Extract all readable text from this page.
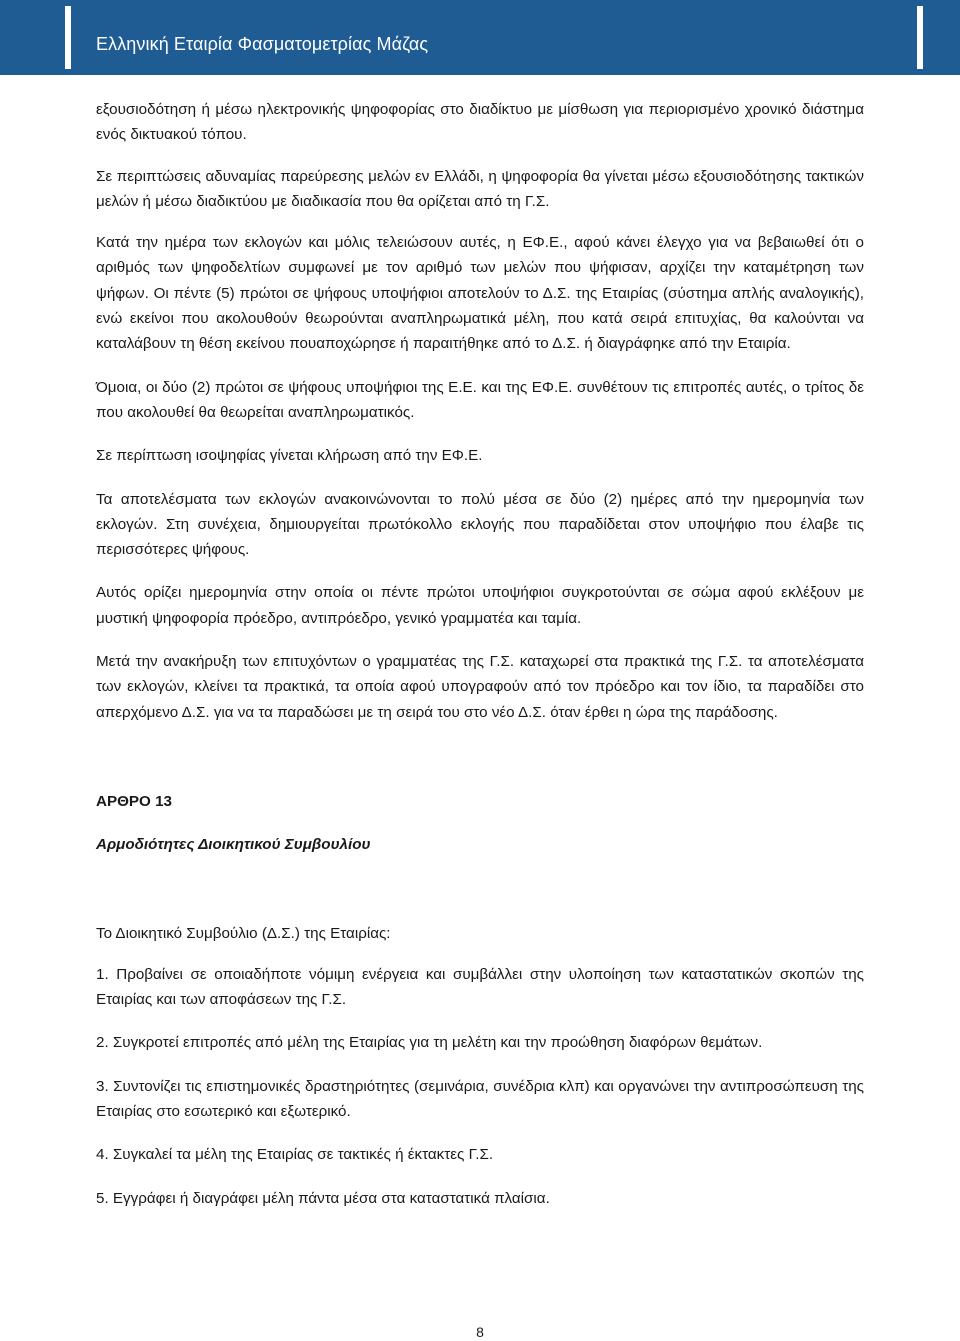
Ελληνική Εταιρία Φασματομετρίας Μάζας

εξουσιοδότηση ή μέσω ηλεκτρονικής ψηφοφορίας στο διαδίκτυο με μίσθωση για περιορισμένο χρονικό διάστημα ενός δικτυακού τόπου.

Σε περιπτώσεις αδυναμίας παρεύρεσης μελών εν Ελλάδι, η ψηφοφορία θα γίνεται μέσω εξουσιοδότησης τακτικών μελών ή μέσω διαδικτύου με διαδικασία που θα ορίζεται από τη Γ.Σ.

Κατά την ημέρα των εκλογών και μόλις τελειώσουν αυτές, η ΕΦ.Ε., αφού κάνει έλεγχο για να βεβαιωθεί ότι ο αριθμός των ψηφοδελτίων συμφωνεί με τον αριθμό των μελών που ψήφισαν, αρχίζει την καταμέτρηση των ψήφων. Οι πέντε (5) πρώτοι σε ψήφους υποψήφιοι αποτελούν το Δ.Σ. της Εταιρίας (σύστημα απλής αναλογικής), ενώ εκείνοι που ακολουθούν θεωρούνται αναπληρωματικά μέλη, που κατά σειρά επιτυχίας, θα καλούνται να καταλάβουν τη θέση εκείνου πουαποχώρησε ή παραιτήθηκε από το Δ.Σ. ή διαγράφηκε από την Εταιρία.

Όμοια, οι δύο (2) πρώτοι σε ψήφους υποψήφιοι της Ε.Ε. και της ΕΦ.Ε. συνθέτουν τις επιτροπές αυτές, ο τρίτος δε που ακολουθεί θα θεωρείται αναπληρωματικός.

Σε περίπτωση ισοψηφίας γίνεται κλήρωση από την ΕΦ.Ε.

Τα αποτελέσματα των εκλογών ανακοινώνονται το πολύ μέσα σε δύο (2) ημέρες από την ημερομηνία των εκλογών. Στη συνέχεια, δημιουργείται πρωτόκολλο εκλογής που παραδίδεται στον υποψήφιο που έλαβε τις περισσότερες ψήφους.

Αυτός ορίζει ημερομηνία στην οποία οι πέντε πρώτοι υποψήφιοι συγκροτούνται σε σώμα αφού εκλέξουν με μυστική ψηφοφορία πρόεδρο, αντιπρόεδρο, γενικό γραμματέα και ταμία.

Μετά την ανακήρυξη των επιτυχόντων ο γραμματέας της Γ.Σ. καταχωρεί στα πρακτικά της Γ.Σ. τα αποτελέσματα των εκλογών, κλείνει τα πρακτικά, τα οποία αφού υπογραφούν από τον πρόεδρο και τον ίδιο, τα παραδίδει στο απερχόμενο Δ.Σ. για να τα παραδώσει με τη σειρά του στο νέο Δ.Σ. όταν έρθει η ώρα της παράδοσης.

ΑΡΘΡΟ 13

Αρμοδιότητες Διοικητικού Συμβουλίου

Το Διοικητικό Συμβούλιο (Δ.Σ.) της Εταιρίας:

1. Προβαίνει σε οποιαδήποτε νόμιμη ενέργεια και συμβάλλει στην υλοποίηση των καταστατικών σκοπών της Εταιρίας και των αποφάσεων της Γ.Σ.

2. Συγκροτεί επιτροπές από μέλη της Εταιρίας για τη μελέτη και την προώθηση διαφόρων θεμάτων.

3. Συντονίζει τις επιστημονικές δραστηριότητες (σεμινάρια, συνέδρια κλπ) και οργανώνει την αντιπροσώπευση της Εταιρίας στο εσωτερικό και εξωτερικό.

4. Συγκαλεί τα μέλη της Εταιρίας σε τακτικές ή έκτακτες Γ.Σ.

5. Εγγράφει ή διαγράφει μέλη πάντα μέσα στα καταστατικά πλαίσια.

8
